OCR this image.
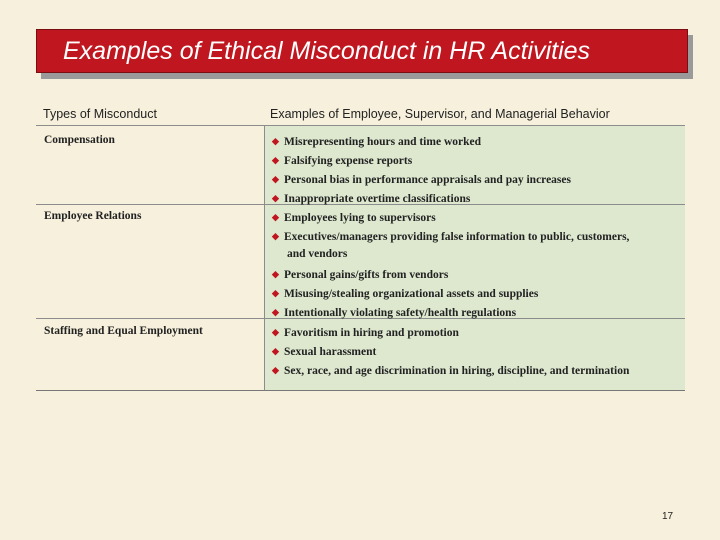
Examples of Ethical Misconduct in HR Activities
Types of Misconduct	Examples of Employee, Supervisor, and Managerial Behavior
Compensation	◆ Misrepresenting hours and time worked
◆ Falsifying expense reports
◆ Personal bias in performance appraisals and pay increases
◆ Inappropriate overtime classifications
Employee Relations	◆ Employees lying to supervisors
◆ Executives/managers providing false information to public, customers,
and vendors
◆ Personal gains/gifts from vendors
◆ Misusing/stealing organizational assets and supplies
◆ Intentionally violating safety/health regulations
Staffing and Equal Employment	◆ Favoritism in hiring and promotion
◆ Sexual harassment
◆ Sex, race, and age discrimination in hiring, discipline, and termination
17
